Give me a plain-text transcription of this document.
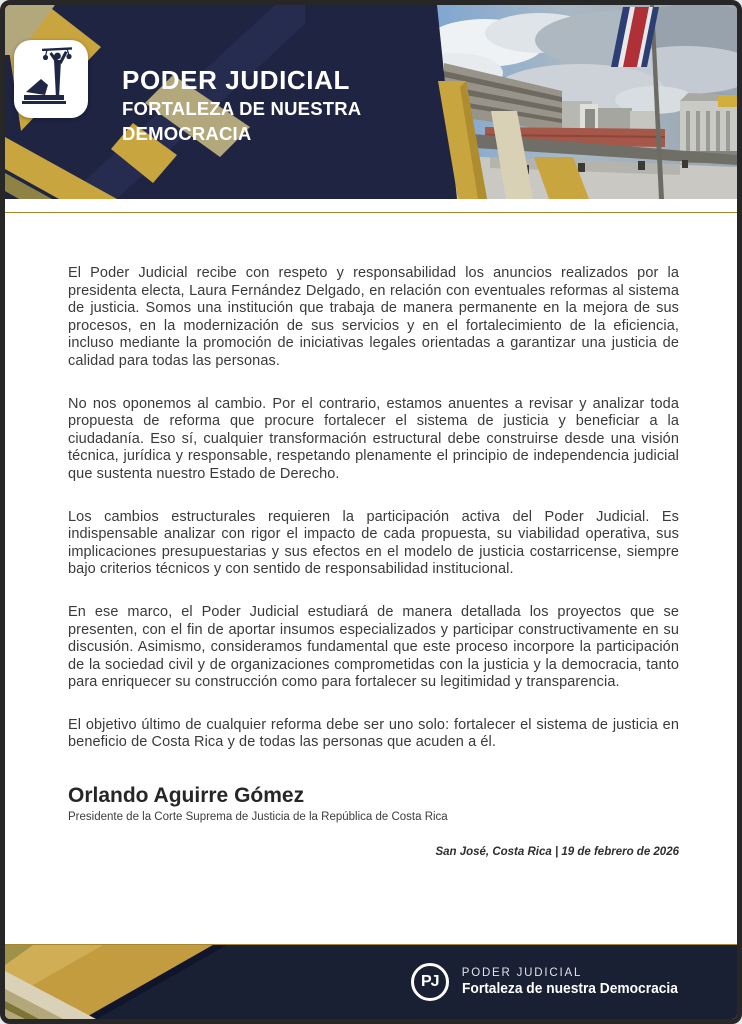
PODER JUDICIAL
FORTALEZA DE NUESTRA
DEMOCRACIA

El Poder Judicial recibe con respeto y responsabilidad los anuncios realizados por la presidenta electa, Laura Fernández Delgado, en relación con eventuales reformas al sistema de justicia. Somos una institución que trabaja de manera permanente en la mejora de sus procesos, en la modernización de sus servicios y en el fortalecimiento de la eficiencia, incluso mediante la promoción de iniciativas legales orientadas a garantizar una justicia de calidad para todas las personas.

No nos oponemos al cambio. Por el contrario, estamos anuentes a revisar y analizar toda propuesta de reforma que procure fortalecer el sistema de justicia y beneficiar a la ciudadanía. Eso sí, cualquier transformación estructural debe construirse desde una visión técnica, jurídica y responsable, respetando plenamente el principio de independencia judicial que sustenta nuestro Estado de Derecho.

Los cambios estructurales requieren la participación activa del Poder Judicial. Es indispensable analizar con rigor el impacto de cada propuesta, su viabilidad operativa, sus implicaciones presupuestarias y sus efectos en el modelo de justicia costarricense, siempre bajo criterios técnicos y con sentido de responsabilidad institucional.

En ese marco, el Poder Judicial estudiará de manera detallada los proyectos que se presenten, con el fin de aportar insumos especializados y participar constructivamente en su discusión. Asimismo, consideramos fundamental que este proceso incorpore la participación de la sociedad civil y de organizaciones comprometidas con la justicia y la democracia, tanto para enriquecer su construcción como para fortalecer su legitimidad y transparencia.

El objetivo último de cualquier reforma debe ser uno solo: fortalecer el sistema de justicia en beneficio de Costa Rica y de todas las personas que acuden a él.

Orlando Aguirre Gómez
Presidente de la Corte Suprema de Justicia de la República de Costa Rica
San José, Costa Rica | 19 de febrero de 2026
PJ PODER JUDICIAL
Fortaleza de nuestra Democracia
